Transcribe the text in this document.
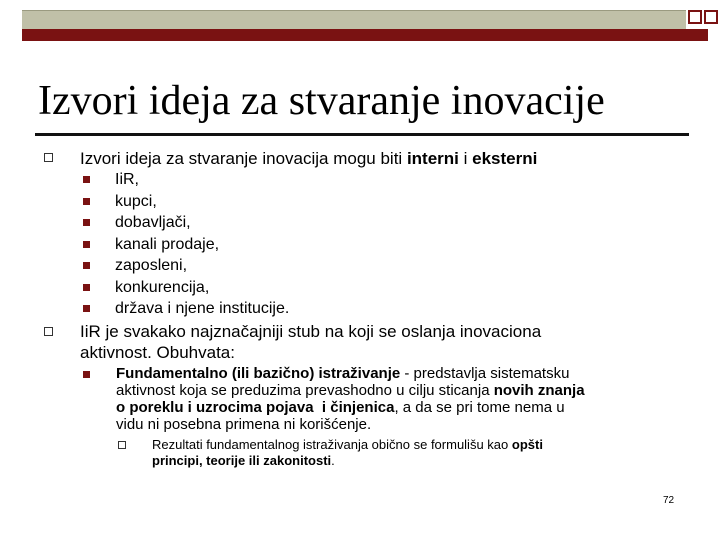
Izvori ideja za stvaranje inovacije
Izvori ideja za stvaranje inovacija mogu biti interni i eksterni
IiR,
kupci,
dobavljači,
kanali prodaje,
zaposleni,
konkurencija,
država i njene institucije.
IiR je svakako najznačajniji stub na koji se oslanja inovaciona
aktivnost. Obuhvata:
Fundamentalno (ili bazično) istraživanje - predstavlja sistematsku
aktivnost koja se preduzima prevashodno u cilju sticanja novih znanja
o poreklu i uzrocima pojava i činjenica, a da se pri tome nema u
vidu ni posebna primena ni korišćenje.
Rezultati fundamentalnog istraživanja obično se formulišu kao opšti
principi, teorije ili zakonitosti.
72
